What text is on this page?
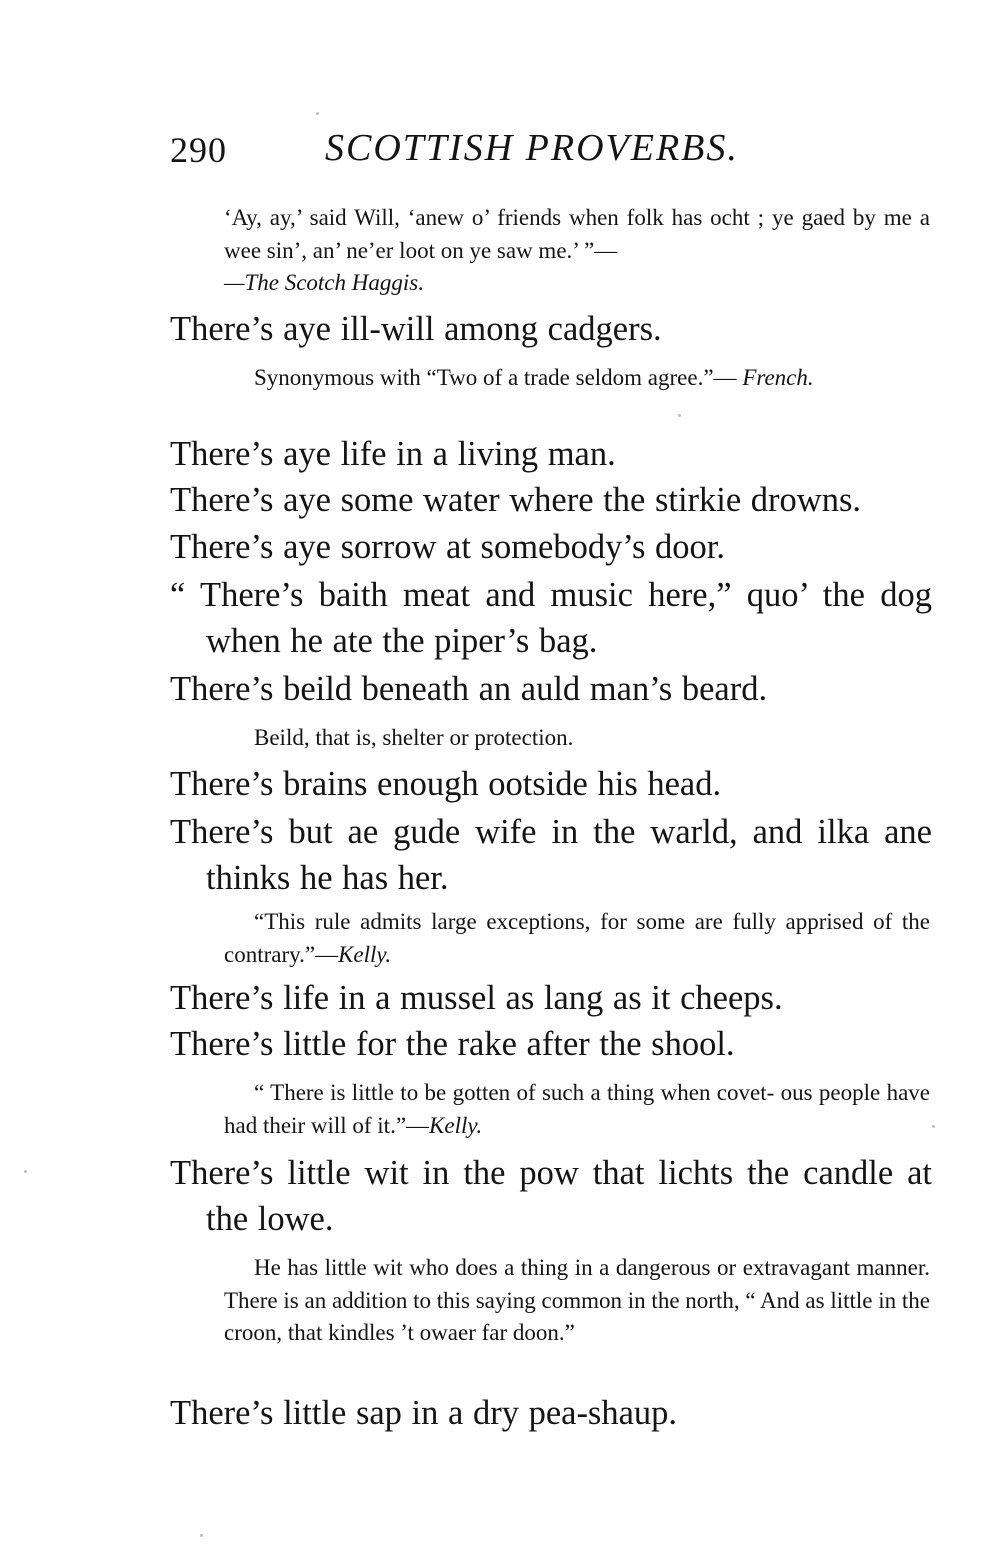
290	SCOTTISH PROVERBS.
‘Ay, ay,’ said Will, ‘anew o’ friends when folk has ocht ; ye gaed by me a wee sin’, an’ ne’er loot on ye saw me.’ ”—
—The Scotch Haggis.
There’s aye ill-will among cadgers.
Synonymous with “Two of a trade seldom agree.”— French.
There’s aye life in a living man.
There’s aye some water where the stirkie drowns.
There’s aye sorrow at somebody’s door.
“ There’s baith meat and music here,” quo’ the dog when he ate the piper’s bag.
There’s beild beneath an auld man’s beard.
Beild, that is, shelter or protection.
There’s brains enough ootside his head.
There’s but ae gude wife in the warld, and ilka ane thinks he has her.
“This rule admits large exceptions, for some are fully apprised of the contrary.”—Kelly.
There’s life in a mussel as lang as it cheeps.
There’s little for the rake after the shool.
“ There is little to be gotten of such a thing when covet- ous people have had their will of it.”—Kelly.
There’s little wit in the pow that lichts the candle at the lowe.
He has little wit who does a thing in a dangerous or extravagant manner. There is an addition to this saying common in the north, “ And as little in the croon, that kindles ’t owaer far doon.”
There’s little sap in a dry pea-shaup.
